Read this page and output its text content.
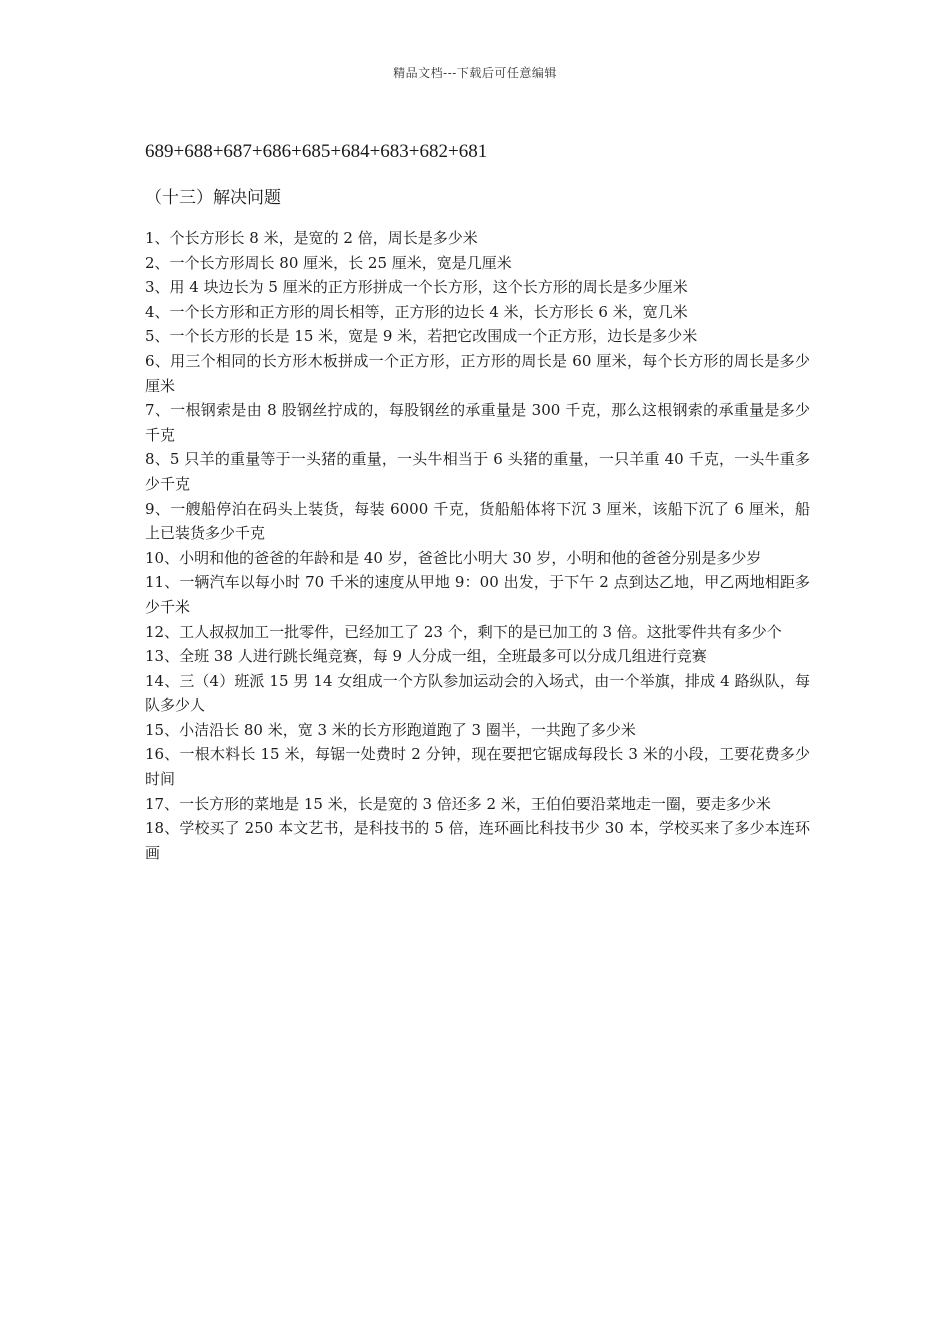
精品文档---下载后可任意编辑
689+688+687+686+685+684+683+682+681
（十三）解决问题
1、个长方形长 8 米，是宽的 2 倍，周长是多少米
2、一个长方形周长 80 厘米，长 25 厘米，宽是几厘米
3、用 4 块边长为 5 厘米的正方形拼成一个长方形，这个长方形的周长是多少厘米
4、一个长方形和正方形的周长相等，正方形的边长 4 米，长方形长 6 米，宽几米
5、一个长方形的长是 15 米，宽是 9 米，若把它改围成一个正方形，边长是多少米
6、用三个相同的长方形木板拼成一个正方形，正方形的周长是 60 厘米，每个长方形的周长是多少厘米
7、一根钢索是由 8 股钢丝拧成的，每股钢丝的承重量是 300 千克，那么这根钢索的承重量是多少千克
8、5 只羊的重量等于一头猪的重量，一头牛相当于 6 头猪的重量，一只羊重 40 千克，一头牛重多少千克
9、一艘船停泊在码头上装货，每装 6000 千克，货船船体将下沉 3 厘米，该船下沉了 6 厘米，船上已装货多少千克
10、小明和他的爸爸的年龄和是 40 岁，爸爸比小明大 30 岁，小明和他的爸爸分别是多少岁
11、一辆汽车以每小时 70 千米的速度从甲地 9：00 出发，于下午 2 点到达乙地，甲乙两地相距多少千米
12、工人叔叔加工一批零件，已经加工了 23 个，剩下的是已加工的 3 倍。这批零件共有多少个
13、全班 38 人进行跳长绳竞赛，每 9 人分成一组，全班最多可以分成几组进行竞赛
14、三（4）班派 15 男 14 女组成一个方队参加运动会的入场式，由一个举旗，排成 4 路纵队，每队多少人
15、小洁沿长 80 米，宽 3 米的长方形跑道跑了 3 圈半，一共跑了多少米
16、一根木料长 15 米，每锯一处费时 2 分钟，现在要把它锯成每段长 3 米的小段，工要花费多少时间
17、一长方形的菜地是 15 米，长是宽的 3 倍还多 2 米，王伯伯要沿菜地走一圈，要走多少米
18、学校买了 250 本文艺书，是科技书的 5 倍，连环画比科技书少 30 本，学校买来了多少本连环画
